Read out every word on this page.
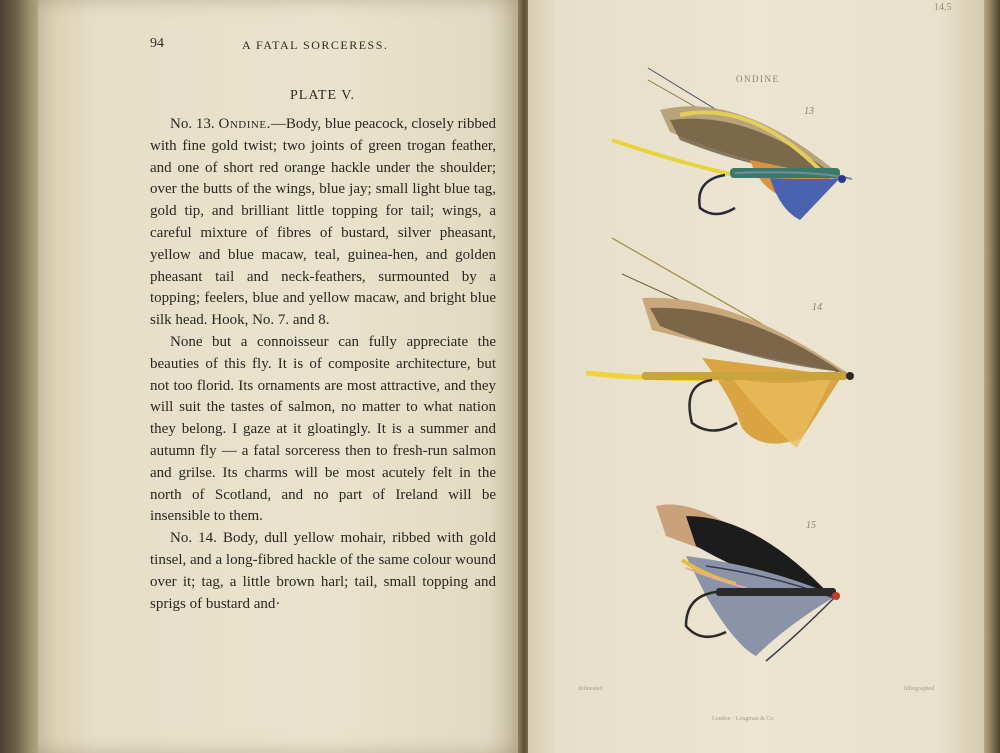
94	A FATAL SORCERESS.
PLATE V.

No. 13. Ondine.—Body, blue peacock, closely ribbed with fine gold twist; two joints of green trogan feather, and one of short red orange hackle under the shoulder; over the butts of the wings, blue jay; small light blue tag, gold tip, and brilliant little topping for tail; wings, a careful mixture of fibres of bustard, silver pheasant, yellow and blue macaw, teal, guinea-hen, and golden pheasant tail and neck-feathers, surmounted by a topping; feelers, blue and yellow macaw, and bright blue silk head. Hook, No. 7. and 8.

None but a connoisseur can fully appreciate the beauties of this fly. It is of composite architecture, but not too florid. Its ornaments are most attractive, and they will suit the tastes of salmon, no matter to what nation they belong. I gaze at it gloatingly. It is a summer and autumn fly — a fatal sorceress then to fresh-run salmon and grilse. Its charms will be most acutely felt in the north of Scotland, and no part of Ireland will be insensible to them.

No. 14. Body, dull yellow mohair, ribbed with gold tinsel, and a long-fibred hackle of the same colour wound over it; tag, a little brown harl; tail, small topping and sprigs of bustard and·

14.5
ONDINE
13
14
15
delineated
London · Longman & Co.
lithographed
